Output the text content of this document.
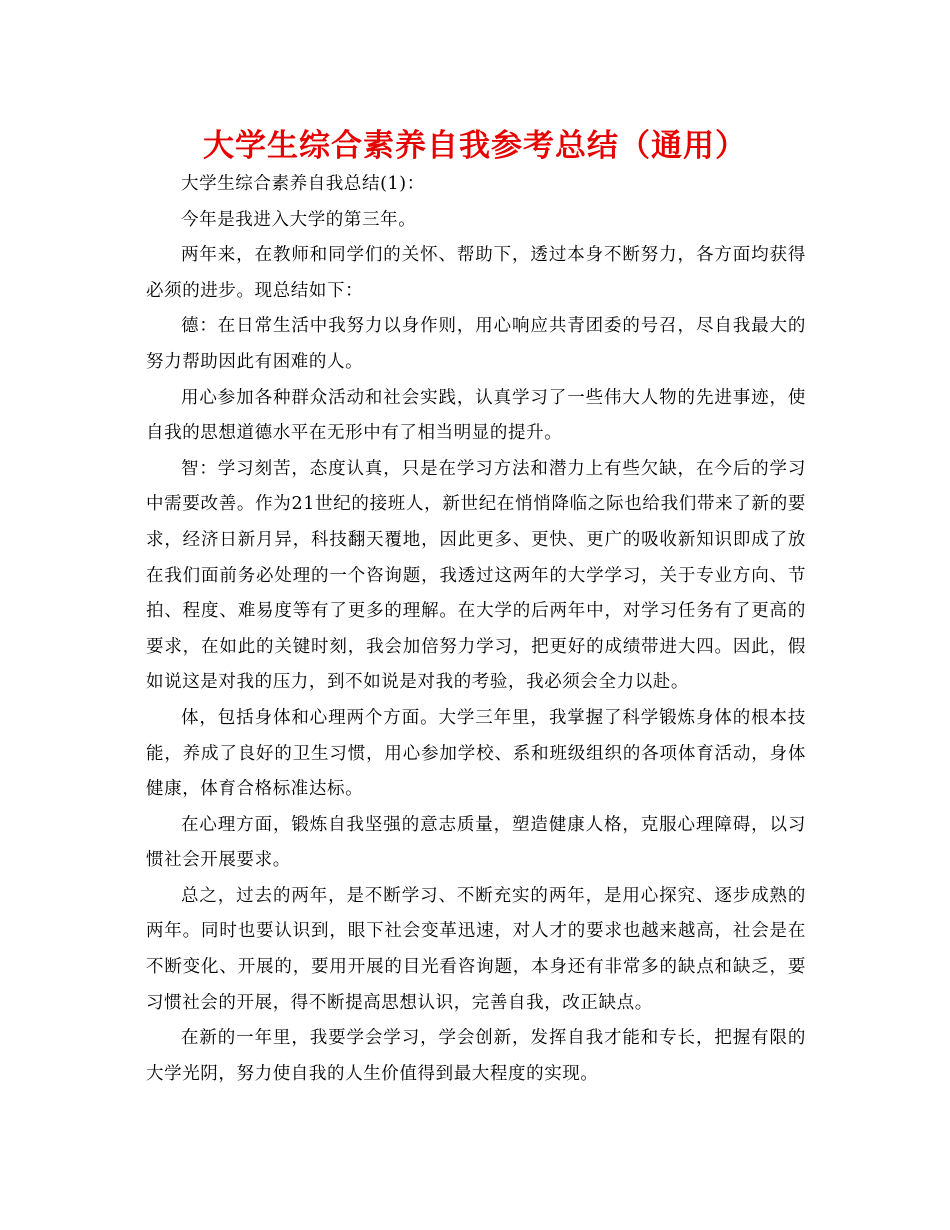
大学生综合素养自我参考总结（通用）

大学生综合素养自我总结(1)：

今年是我进入大学的第三年。

两年来，在教师和同学们的关怀、帮助下，透过本身不断努力，各方面均获得必须的进步。现总结如下：

德：在日常生活中我努力以身作则，用心响应共青团委的号召，尽自我最大的努力帮助因此有困难的人。

用心参加各种群众活动和社会实践，认真学习了一些伟大人物的先进事迹，使自我的思想道德水平在无形中有了相当明显的提升。

智：学习刻苦，态度认真，只是在学习方法和潜力上有些欠缺，在今后的学习中需要改善。作为21世纪的接班人，新世纪在悄悄降临之际也给我们带来了新的要求，经济日新月异，科技翻天覆地，因此更多、更快、更广的吸收新知识即成了放在我们面前务必处理的一个咨询题，我透过这两年的大学学习，关于专业方向、节拍、程度、难易度等有了更多的理解。在大学的后两年中，对学习任务有了更高的要求，在如此的关键时刻，我会加倍努力学习，把更好的成绩带进大四。因此，假如说这是对我的压力，到不如说是对我的考验，我必须会全力以赴。

体，包括身体和心理两个方面。大学三年里，我掌握了科学锻炼身体的根本技能，养成了良好的卫生习惯，用心参加学校、系和班级组织的各项体育活动，身体健康，体育合格标准达标。

在心理方面，锻炼自我坚强的意志质量，塑造健康人格，克服心理障碍，以习惯社会开展要求。

总之，过去的两年，是不断学习、不断充实的两年，是用心探究、逐步成熟的两年。同时也要认识到，眼下社会变革迅速，对人才的要求也越来越高，社会是在不断变化、开展的，要用开展的目光看咨询题，本身还有非常多的缺点和缺乏，要习惯社会的开展，得不断提高思想认识，完善自我，改正缺点。

在新的一年里，我要学会学习，学会创新，发挥自我才能和专长，把握有限的大学光阴，努力使自我的人生价值得到最大程度的实现。
